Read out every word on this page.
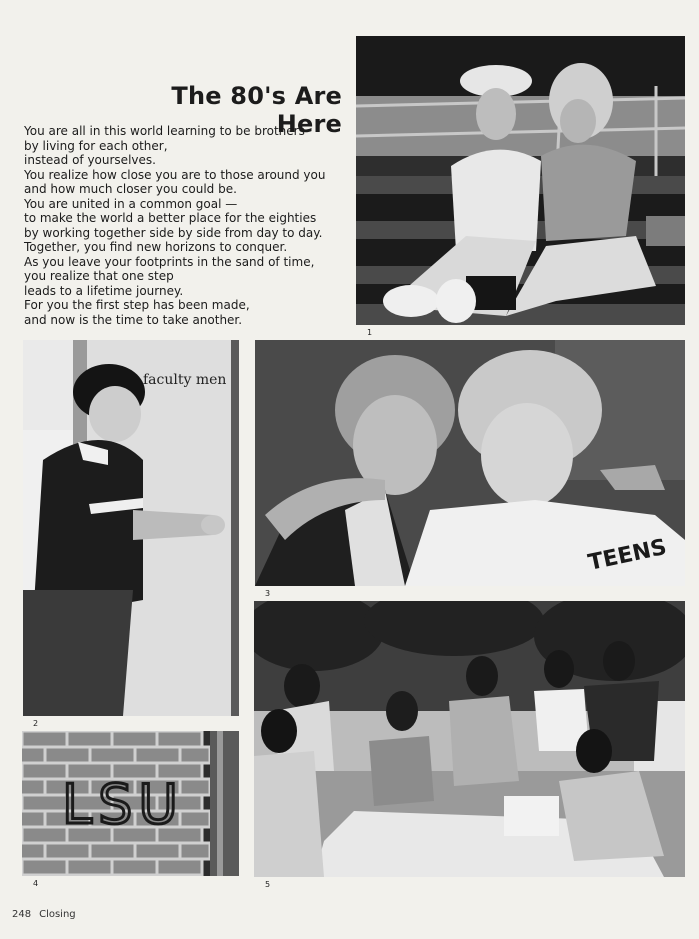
The 80's Are Here
You are all in this world learning to be brothers
by living for each other,
instead of yourselves.
You realize how close you are to those around you
and how much closer you could be.
You are united in a common goal —
to make the world a better place for the eighties
by working together side by side from day to day.
Together, you find new horizons to conquer.
As you leave your footprints in the sand of time,
you realize that one step
leads to a lifetime journey.
For you the first step has been made,
and now is the time to take another.
1
faculty men
2
TEENS
3
LSU
4	5
248 Closing
